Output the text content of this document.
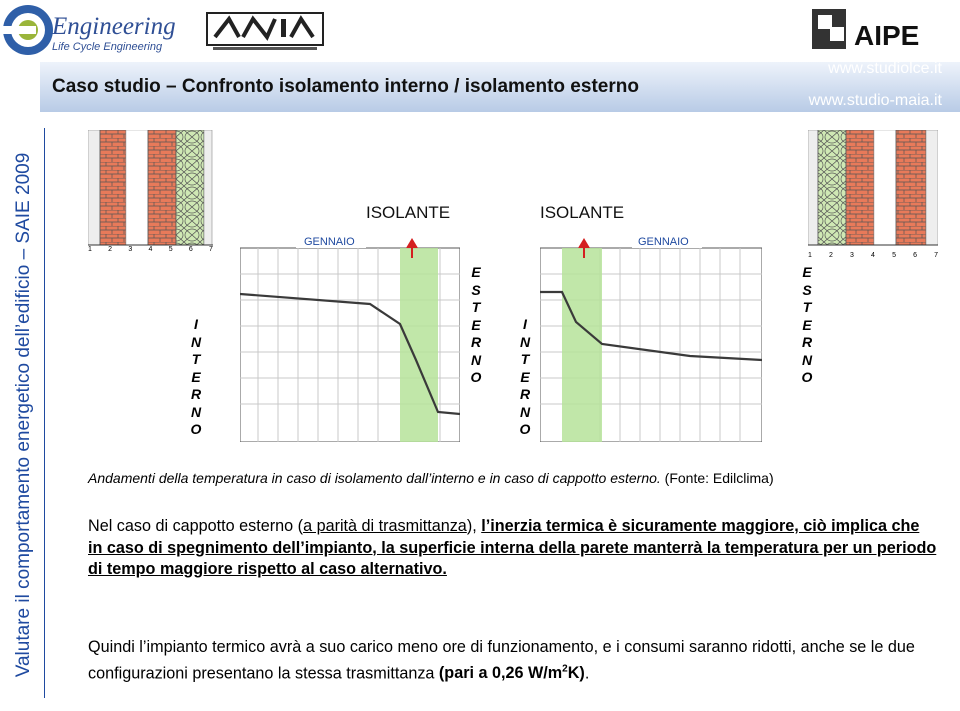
Caso studio – Confronto isolamento interno / isolamento esterno
www.studiolce.it
www.studio-maia.it
Engineering
Life Cycle Engineering	AIPE
Valutare il comportamento energetico dell’edificio – SAIE 2009	1 2 3 4 5 6 7
1 2 3 4 5 6 7
ISOLANTE	ISOLANTE
I
N
T
E
R
N
O
E
S
T
E
R
N
O
I
N
T
E
R
N
O
E
S
T
E
R
N
O
GENNAIO	GENNAIO
Andamenti della temperatura in caso di isolamento dall’interno e in caso di cappotto esterno. (Fonte: Edilclima)
Nel caso di cappotto esterno (a parità di trasmittanza), l’inerzia termica è sicuramente maggiore, ciò implica che in caso di spegnimento dell’impianto, la superficie interna della parete manterrà la temperatura per un periodo di tempo maggiore rispetto al caso alternativo.
Quindi l’impianto termico avrà a suo carico meno ore di funzionamento, e i consumi saranno ridotti, anche se le due configurazioni presentano la stessa trasmittanza (pari a 0,26 $W/m^2K$).
